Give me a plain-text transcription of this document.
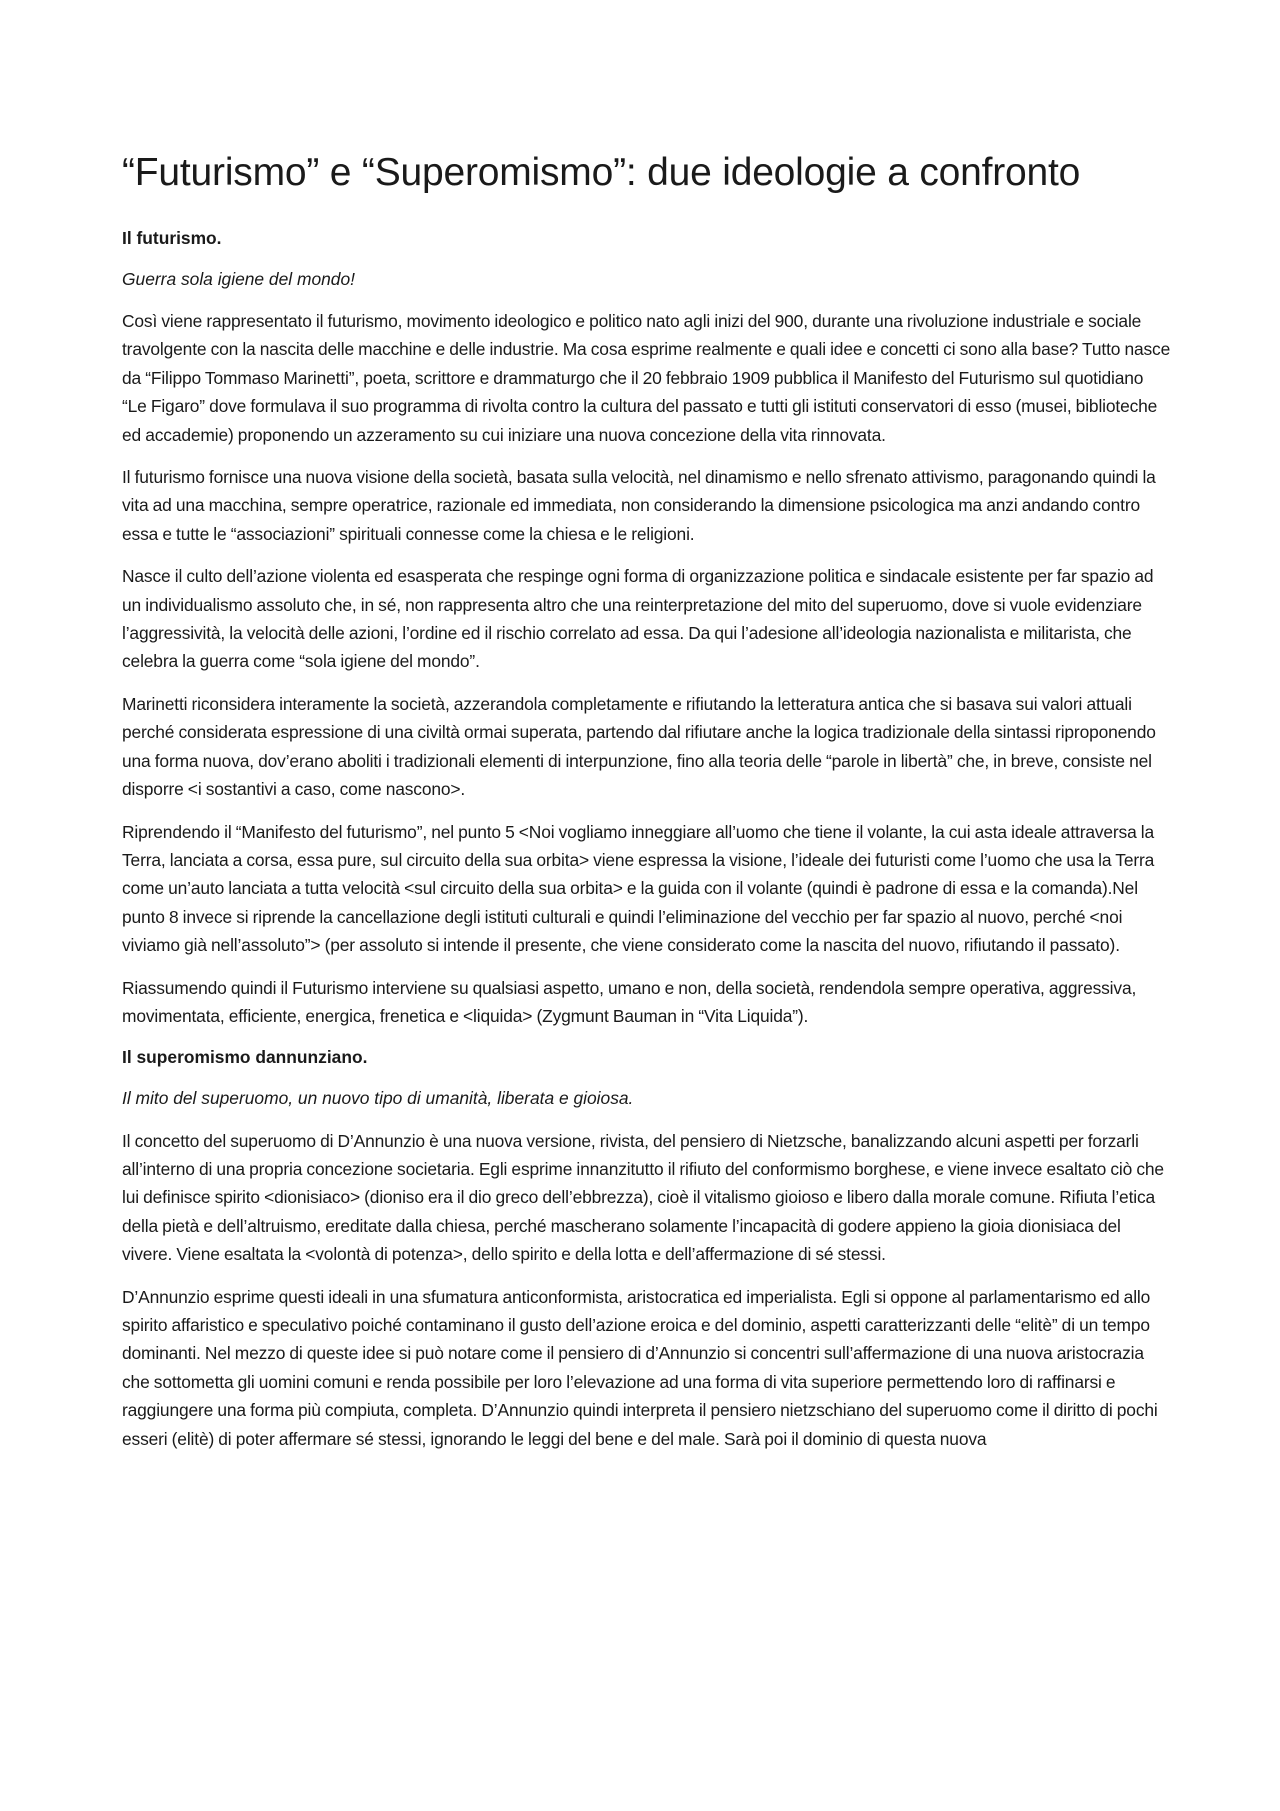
“Futurismo” e “Superomismo”: due ideologie a confronto
Il futurismo.
Guerra sola igiene del mondo!

Così viene rappresentato il futurismo, movimento ideologico e politico nato agli inizi del 900, durante una rivoluzione industriale e sociale travolgente con la nascita delle macchine e delle industrie. Ma cosa esprime realmente e quali idee e concetti ci sono alla base? Tutto nasce da “Filippo Tommaso Marinetti”, poeta, scrittore e drammaturgo che il 20 febbraio 1909 pubblica il Manifesto del Futurismo sul quotidiano “Le Figaro” dove formulava il suo programma di rivolta contro la cultura del passato e tutti gli istituti conservatori di esso (musei, biblioteche ed accademie) proponendo un azzeramento su cui iniziare una nuova concezione della vita rinnovata.

Il futurismo fornisce una nuova visione della società, basata sulla velocità, nel dinamismo e nello sfrenato attivismo, paragonando quindi la vita ad una macchina, sempre operatrice, razionale ed immediata, non considerando la dimensione psicologica ma anzi andando contro essa e tutte le “associazioni” spirituali connesse come la chiesa e le religioni.

Nasce il culto dell’azione violenta ed esasperata che respinge ogni forma di organizzazione politica e sindacale esistente per far spazio ad un individualismo assoluto che, in sé, non rappresenta altro che una reinterpretazione del mito del superuomo, dove si vuole evidenziare l’aggressività, la velocità delle azioni, l’ordine ed il rischio correlato ad essa. Da qui l’adesione all’ideologia nazionalista e militarista, che celebra la guerra come “sola igiene del mondo”.

Marinetti riconsidera interamente la società, azzerandola completamente e rifiutando la letteratura antica che si basava sui valori attuali perché considerata espressione di una civiltà ormai superata, partendo dal rifiutare anche la logica tradizionale della sintassi riproponendo una forma nuova, dov’erano aboliti i tradizionali elementi di interpunzione, fino alla teoria delle “parole in libertà” che, in breve, consiste nel disporre <i sostantivi a caso, come nascono>.

Riprendendo il “Manifesto del futurismo”, nel punto 5 <Noi vogliamo inneggiare all’uomo che tiene il volante, la cui asta ideale attraversa la Terra, lanciata a corsa, essa pure, sul circuito della sua orbita> viene espressa la visione, l’ideale dei futuristi come l’uomo che usa la Terra come un’auto lanciata a tutta velocità <sul circuito della sua orbita> e la guida con il volante (quindi è padrone di essa e la comanda).Nel punto 8 invece si riprende la cancellazione degli istituti culturali e quindi l’eliminazione del vecchio per far spazio al nuovo, perché <noi viviamo già nell’assoluto”> (per assoluto si intende il presente, che viene considerato come la nascita del nuovo, rifiutando il passato).

Riassumendo quindi il Futurismo interviene su qualsiasi aspetto, umano e non, della società, rendendola sempre operativa, aggressiva, movimentata, efficiente, energica, frenetica e <liquida> (Zygmunt Bauman in “Vita Liquida”).

Il superomismo dannunziano.
Il mito del superuomo, un nuovo tipo di umanità, liberata e gioiosa.

Il concetto del superuomo di D’Annunzio è una nuova versione, rivista, del pensiero di Nietzsche, banalizzando alcuni aspetti per forzarli all’interno di una propria concezione societaria. Egli esprime innanzitutto il rifiuto del conformismo borghese, e viene invece esaltato ciò che lui definisce spirito <dionisiaco> (dioniso era il dio greco dell’ebbrezza), cioè il vitalismo gioioso e libero dalla morale comune. Rifiuta l’etica della pietà e dell’altruismo, ereditate dalla chiesa, perché mascherano solamente l’incapacità di godere appieno la gioia dionisiaca del vivere. Viene esaltata la <volontà di potenza>, dello spirito e della lotta e dell’affermazione di sé stessi.

D’Annunzio esprime questi ideali in una sfumatura anticonformista, aristocratica ed imperialista. Egli si oppone al parlamentarismo ed allo spirito affaristico e speculativo poiché contaminano il gusto dell’azione eroica e del dominio, aspetti caratterizzanti delle “elitè” di un tempo dominanti. Nel mezzo di queste idee si può notare come il pensiero di d’Annunzio si concentri sull’affermazione di una nuova aristocrazia che sottometta gli uomini comuni e renda possibile per loro l’elevazione ad una forma di vita superiore permettendo loro di raffinarsi e raggiungere una forma più compiuta, completa. D’Annunzio quindi interpreta il pensiero nietzschiano del superuomo come il diritto di pochi esseri (elitè) di poter affermare sé stessi, ignorando le leggi del bene e del male. Sarà poi il dominio di questa nuova
